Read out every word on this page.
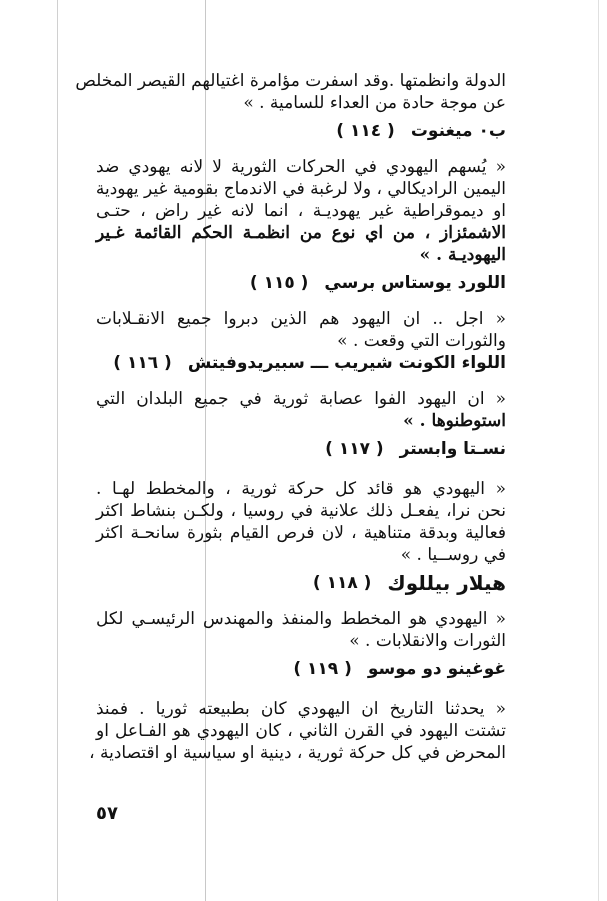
الدولة وانظمتها .وقد اسفرت مؤامرة اغتيالهم القيصر المخلص

عن موجة حادة من العداء للسامية . »

ب٠ ميغنوت
( ١١٤ )

« يُسهم اليهودي في الحركات الثورية لا لانه يهودي ضد

اليمين الراديكالي ، ولا لرغبة في الاندماج بقومية غير يهودية

او ديموقراطية غير يهوديـة ، انما لانه غير راض ، حتـى

الاشمئزاز ، من اي نوع من انظمـة الحكم القائمة غـير

اليهوديـة . »

اللورد يوستاس برسي
( ١١٥ )

« اجل .. ان اليهود هم الذين دبروا جميع الانقـلابات

والثورات التي وقعت . »

اللواء الكونت شيريب ـــ سبيريدوفيتش
( ١١٦ )

« ان اليهود الفوا عصابة ثورية في جميع البلدان التي

استوطنوها . »

نسـتا وابستر
( ١١٧ )

« اليهودي هو قائد كل حركة ثورية ، والمخطط لهـا .

نحن نرا، يفعـل ذلك علانية في روسيا ، ولكـن بنشاط اكثر

فعالية وبدقة متناهية ، لان فرص القيام بثورة سانحـة اكثر

في روســيا . »

هيلار بيللوك
( ١١٨ )

« اليهودي هو المخطط والمنفذ والمهندس الرئيسـي لكل

الثورات والانقلابات . »

غوغينو دو موسو
( ١١٩ )

« يحدثنا التاريخ ان اليهودي كان بطبيعته ثوريا . فمنذ

تشتت اليهود في القرن الثاني ، كان اليهودي هو الفـاعل او

المحرض في كل حركة ثورية ، دينية او سياسية او اقتصادية ،

٥٧
